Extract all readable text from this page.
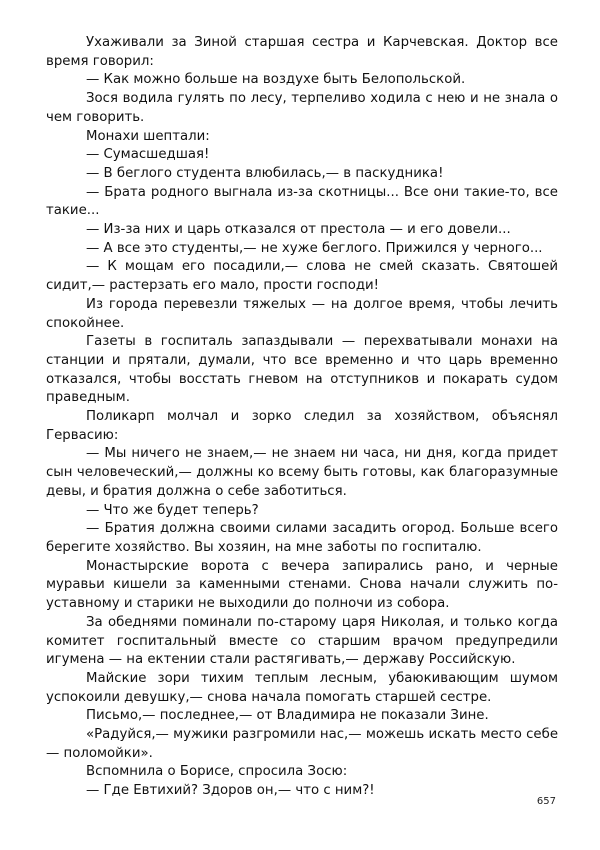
Ухаживали за Зиной старшая сестра и Карчевская. Доктор все время говорил:

— Как можно больше на воздухе быть Белопольской.

Зося водила гулять по лесу, терпеливо ходила с нею и не знала о чем говорить.

Монахи шептали:

— Сумасшедшая!

— В беглого студента влюбилась,— в паскудника!

— Брата родного выгнала из-за скотницы... Все они такие-то, все такие...

— Из-за них и царь отказался от престола — и его довели...

— А все это студенты,— не хуже беглого. Прижился у черного...

— К мощам его посадили,— слова не смей сказать. Святошей сидит,— растерзать его мало, прости господи!

Из города перевезли тяжелых — на долгое время, чтобы лечить спокойнее.

Газеты в госпиталь запаздывали — перехватывали монахи на станции и прятали, думали, что все временно и что царь временно отказался, чтобы восстать гневом на отступников и покарать судом праведным.

Поликарп молчал и зорко следил за хозяйством, объяснял Гервасию:

— Мы ничего не знаем,— не знаем ни часа, ни дня, когда придет сын человеческий,— должны ко всему быть готовы, как благоразумные девы, и братия должна о себе заботиться.

— Что же будет теперь?

— Братия должна своими силами засадить огород. Больше всего берегите хозяйство. Вы хозяин, на мне заботы по госпиталю.

Монастырские ворота с вечера запирались рано, и черные муравьи кишели за каменными стенами. Снова начали служить по-уставному и старики не выходили до полночи из собора.

За обеднями поминали по-старому царя Николая, и только когда комитет госпитальный вместе со старшим врачом предупредили игумена — на ектении стали растягивать,— державу Российскую.

Майские зори тихим теплым лесным, убаюкивающим шумом успокоили девушку,— снова начала помогать старшей сестре.

Письмо,— последнее,— от Владимира не показали Зине.

«Радуйся,— мужики разгромили нас,— можешь искать место себе — поломойки».

Вспомнила о Борисе, спросила Зосю:

— Где Евтихий? Здоров он,— что с ним?!

657
